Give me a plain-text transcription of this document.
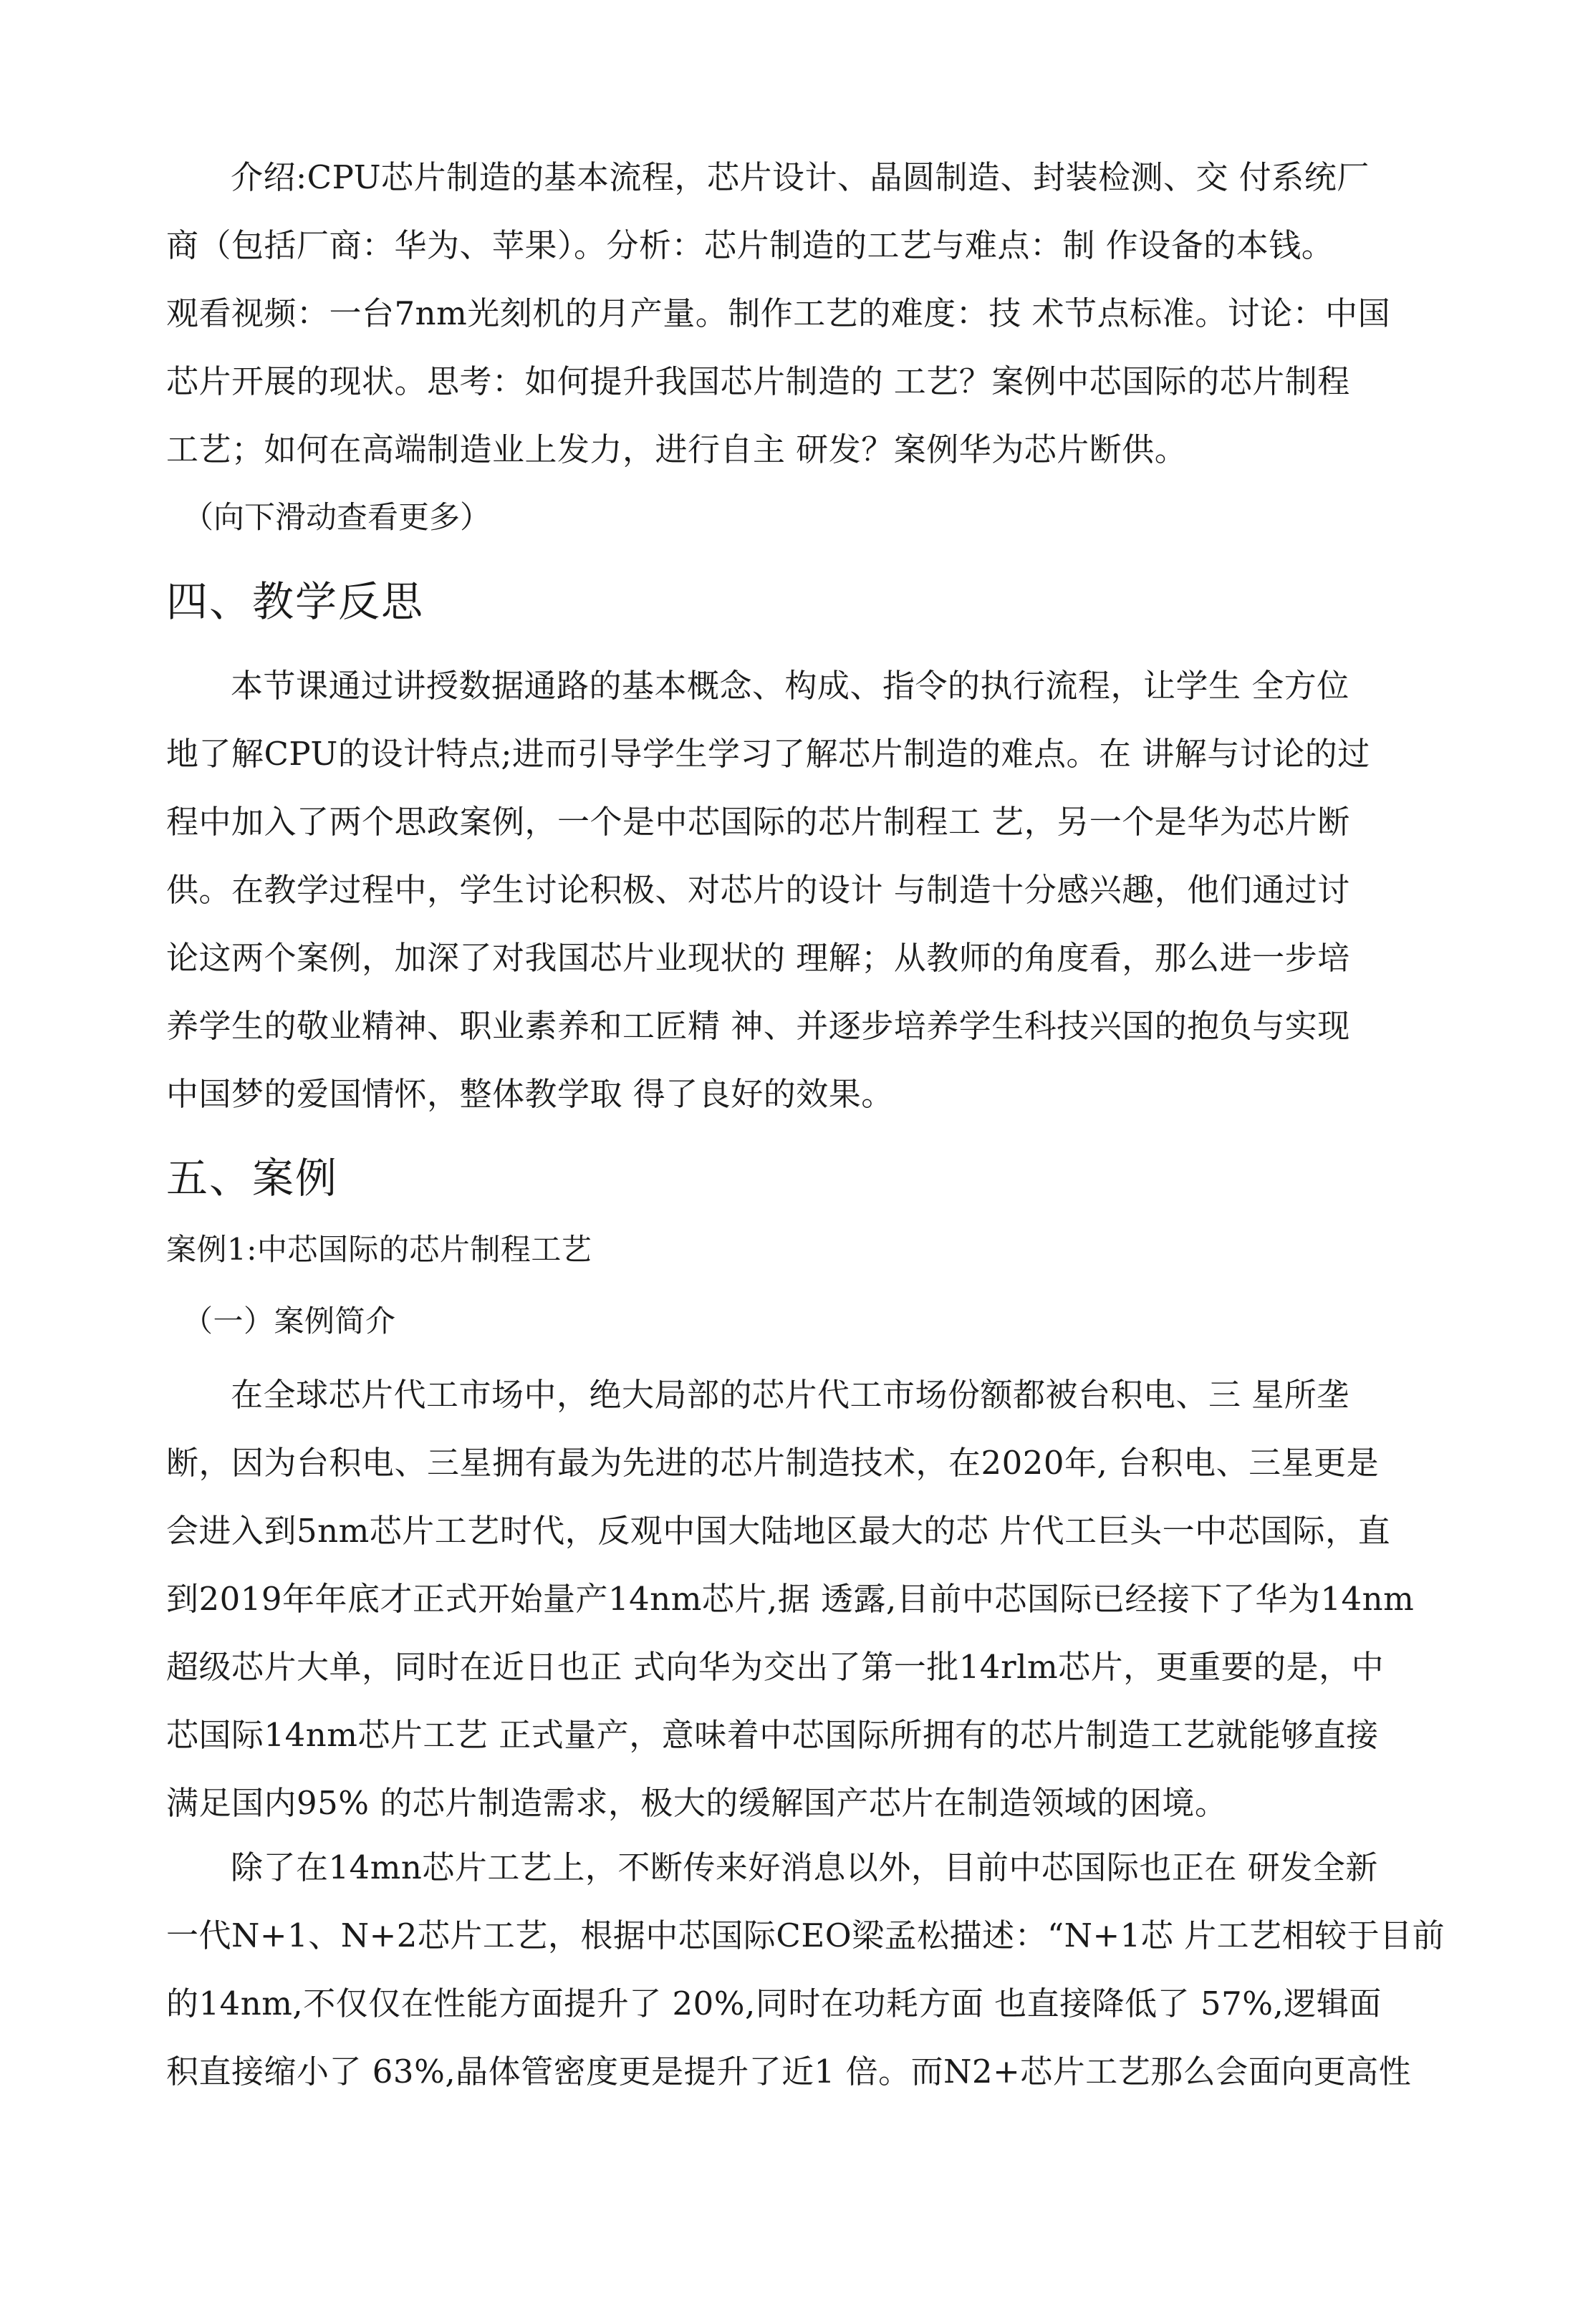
介绍:CPU芯片制造的基本流程，芯片设计、晶圆制造、封装检测、交 付系统厂
商（包括厂商：华为、苹果）。分析：芯片制造的工艺与难点：制 作设备的本钱。
观看视频：一台7nm光刻机的月产量。制作工艺的难度：技 术节点标准。讨论：中国
芯片开展的现状。思考：如何提升我国芯片制造的 工艺？案例中芯国际的芯片制程
工艺；如何在高端制造业上发力，进行自主 研发？案例华为芯片断供。
（向下滑动查看更多）
四、教学反思
本节课通过讲授数据通路的基本概念、构成、指令的执行流程，让学生 全方位
地了解CPU的设计特点;进而引导学生学习了解芯片制造的难点。在 讲解与讨论的过
程中加入了两个思政案例，一个是中芯国际的芯片制程工 艺，另一个是华为芯片断
供。在教学过程中，学生讨论积极、对芯片的设计 与制造十分感兴趣，他们通过讨
论这两个案例，加深了对我国芯片业现状的 理解；从教师的角度看，那么进一步培
养学生的敬业精神、职业素养和工匠精 神、并逐步培养学生科技兴国的抱负与实现
中国梦的爱国情怀，整体教学取 得了良好的效果。
五、案例
案例1:中芯国际的芯片制程工艺
（一）案例简介
在全球芯片代工市场中，绝大局部的芯片代工市场份额都被台积电、三 星所垄
断，因为台积电、三星拥有最为先进的芯片制造技术，在2020年, 台积电、三星更是
会进入到5nm芯片工艺时代，反观中国大陆地区最大的芯 片代工巨头一中芯国际，直
到2019年年底才正式开始量产14nm芯片,据 透露,目前中芯国际已经接下了华为14nm
超级芯片大单，同时在近日也正 式向华为交出了第一批14rlm芯片，更重要的是，中
芯国际14nm芯片工艺 正式量产，意味着中芯国际所拥有的芯片制造工艺就能够直接
满足国内95% 的芯片制造需求，极大的缓解国产芯片在制造领域的困境。
除了在14mn芯片工艺上，不断传来好消息以外，目前中芯国际也正在 研发全新
一代N+1、N+2芯片工艺，根据中芯国际CEO梁孟松描述：“N+1芯 片工艺相较于目前
的14nm,不仅仅在性能方面提升了 20%,同时在功耗方面 也直接降低了 57%,逻辑面
积直接缩小了 63%,晶体管密度更是提升了近1 倍。而N2+芯片工艺那么会面向更高性
